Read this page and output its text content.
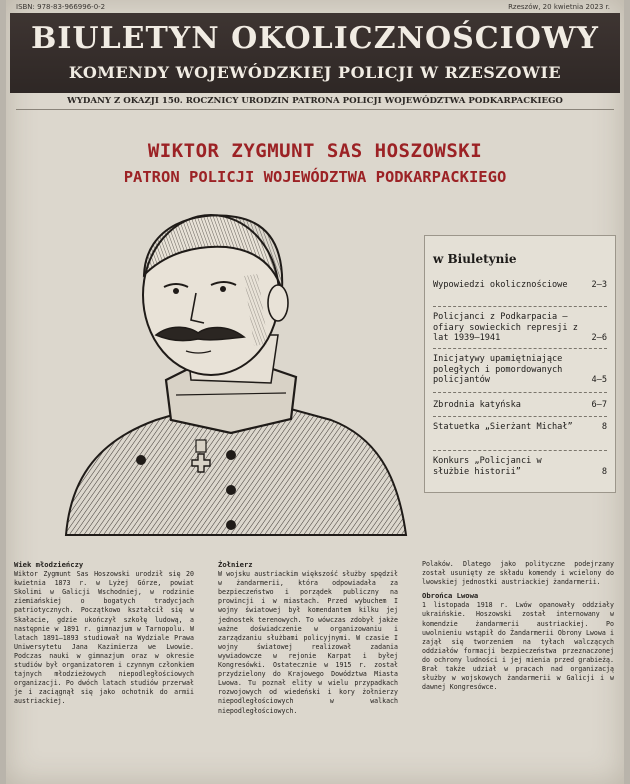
ISBN: 978-83-966996-0-2	Rzeszów, 20 kwietnia 2023 r.
BIULETYN OKOLICZNOŚCIOWY
KOMENDY WOJEWÓDZKIEJ POLICJI W RZESZOWIE
WYDANY Z OKAZJI 150. ROCZNICY URODZIN PATRONA POLICJI WOJEWÓDZTWA PODKARPACKIEGO
WIKTOR ZYGMUNT SAS HOSZOWSKI
PATRON POLICJI WOJEWÓDZTWA PODKARPACKIEGO
w Biuletynie
Wypowiedzi okolicznościowe	2–3
Policjanci z Podkarpacia – ofiary sowieckich represji z lat 1939–1941	2–6
Inicjatywy upamiętniające poległych i pomordowanych policjantów	4–5
Zbrodnia katyńska	6–7
Statuetka „Sierżant Michał”	8
Konkurs „Policjanci w służbie historii”	8
Wiek młodzieńczy

Wiktor Zygmunt Sas Hoszowski urodził się 20 kwietnia 1873 r. w Lyżej Górze, powiat Skolimi w Galicji Wschodniej, w rodzinie ziemiańskiej o bogatych tradycjach patriotycznych. Początkowo kształcił się w Skałacie, gdzie ukończył szkołę ludową, a następnie w 1891 r. gimnazjum w Tarnopolu. W latach 1891–1893 studiował na Wydziale Prawa Uniwersytetu Jana Kazimierza we Lwowie. Podczas nauki w gimnazjum oraz w okresie studiów był organizatorem i czynnym członkiem tajnych młodzieżowych niepodległościowych organizacji. Po dwóch latach studiów przerwał je i zaciągnął się jako ochotnik do armii austriackiej.

Żołnierz

W wojsku austriackim większość służby spędził w żandarmerii, która odpowiadała za bezpieczeństwo i porządek publiczny na prowincji i w miastach. Przed wybuchem I wojny światowej był komendantem kilku jej jednostek terenowych. To wówczas zdobył jakże ważne doświadczenie w organizowaniu i zarządzaniu służbami policyjnymi. W czasie I wojny światowej realizował zadania wywiadowcze w rejonie Karpat i byłej Kongresówki. Ostatecznie w 1915 r. został przydzielony do Krajowego Dowództwa Miasta Lwowa. Tu poznał elity w wielu przypadkach rozwojowych od wiedeński i kory żołnierzy niepodległościowych w walkach niepodległościowych.

Polaków. Dlatego jako polityczne podejrzany został usunięty ze składu komendy i wcielony do lwowskiej jednostki austriackiej żandarmerii.

Obrońca Lwowa

1 listopada 1918 r. Lwów opanowały oddziały ukraińskie. Hoszowski został internowany w komendzie żandarmerii austriackiej. Po uwolnieniu wstąpił do Żandarmerii Obrony Lwowa i zajął się tworzeniem na tyłach walczących oddziałów formacji bezpieczeństwa przeznaczonej do ochrony ludności i jej mienia przed grabieżą. Brał także udział w pracach nad organizacją służby w wojskowych żandarmerii w Galicji i w dawnej Kongresówce.
